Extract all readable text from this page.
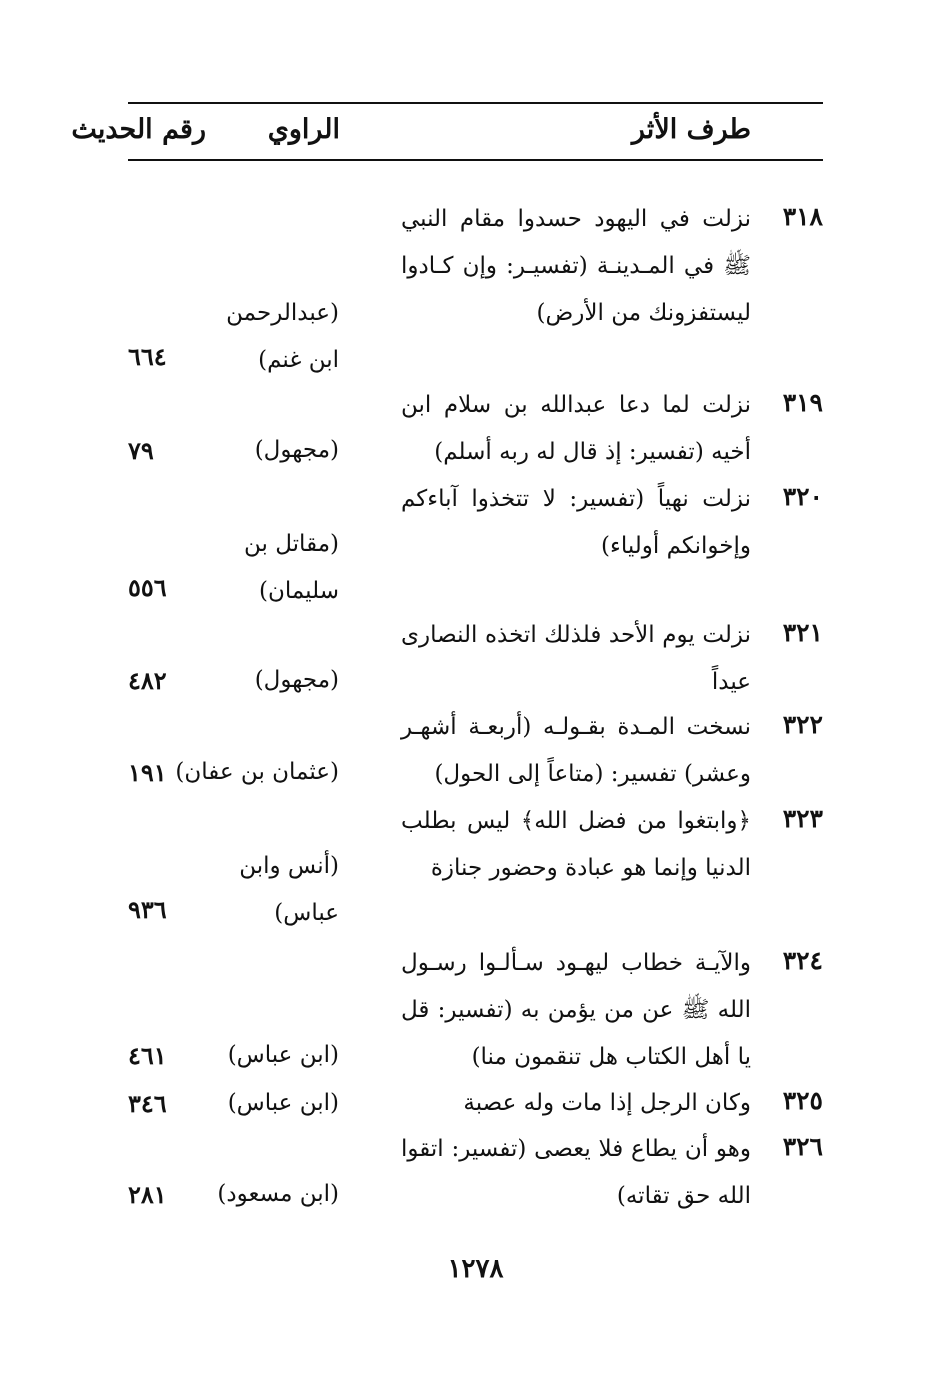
طرف الأثر
الراوي
رقم الحديث
٣١٨
نزلت في اليهود حسدوا مقام النبي ﷺ في المـدينـة (تفسيـر: وإن كـادوا ليستفزونك من الأرض)
(عبدالرحمن ابن غنم)
٦٦٤
٣١٩
نزلت لما دعا عبدالله بن سلام ابن أخيه (تفسير: إذ قال له ربه أسلم)
(مجهول)
٧٩
٣٢٠
نزلت نهياً (تفسير: لا تتخذوا آباءكم وإخوانكم أولياء)
(مقاتل بن سليمان)
٥٥٦
٣٢١
نزلت يوم الأحد فلذلك اتخذه النصارى عيداً
(مجهول)
٤٨٢
٣٢٢
نسخت المـدة بقـولـه (أربعـة أشهـر وعشر) تفسير: (متاعاً إلى الحول)
(عثمان بن عفان)
١٩١
٣٢٣
﴿وابتغوا من فضل الله﴾ ليس بطلب الدنيا وإنما هو عبادة وحضور جنازة
(أنس وابن عباس)
٩٣٦
٣٢٤
والآيـة خطاب ليهـود سـألـوا رسـول الله ﷺ عن من يؤمن به (تفسير: قل يا أهل الكتاب هل تنقمون منا)
(ابن عباس)
٤٦١
٣٢٥
وكان الرجل إذا مات وله عصبة
(ابن عباس)
٣٤٦
٣٢٦
وهو أن يطاع فلا يعصى (تفسير: اتقوا الله حق تقاته)
(ابن مسعود)
٢٨١
١٢٧٨
